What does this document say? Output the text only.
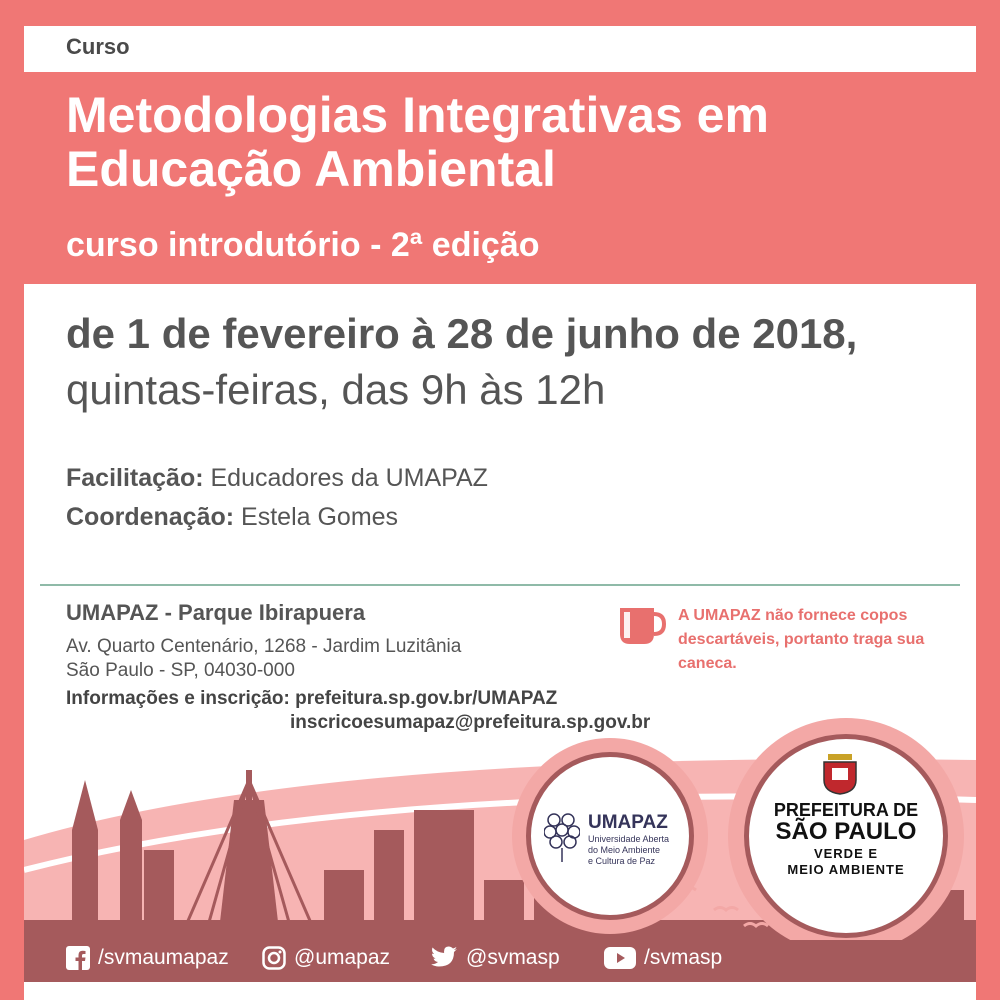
Curso
Metodologias Integrativas em
Educação Ambiental
curso introdutório - 2ª edição
de 1 de fevereiro à 28 de junho de 2018,
quintas-feiras, das 9h às 12h
Facilitação: Educadores da UMAPAZ
Coordenação: Estela Gomes
UMAPAZ - Parque Ibirapuera
Av. Quarto Centenário, 1268 - Jardim Luzitânia
São Paulo - SP, 04030-000
Informações e inscrição: prefeitura.sp.gov.br/UMAPAZ
inscricoesumapaz@prefeitura.sp.gov.br
A UMAPAZ não fornece copos
descartáveis, portanto traga sua caneca.
UMAPAZ
Universidade Aberta
do Meio Ambiente
e Cultura de Paz
PREFEITURA DE
SÃO PAULO
VERDE E
MEIO AMBIENTE
/svmaumapaz	@umapaz	@svmasp	/svmasp
